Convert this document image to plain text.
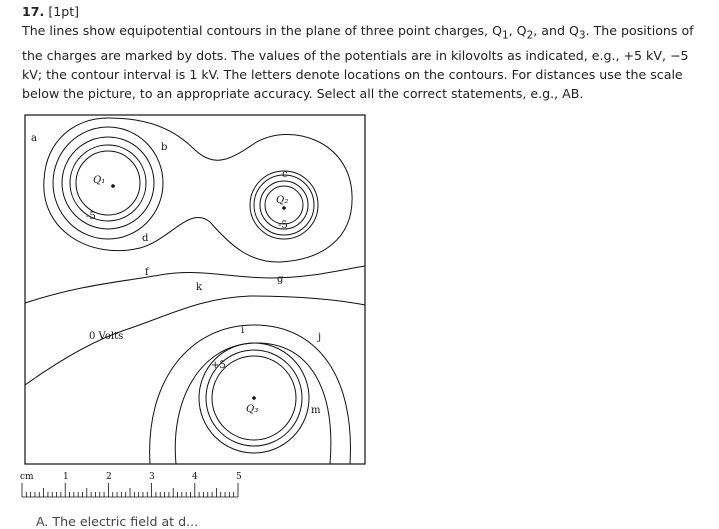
17. [1pt]
The lines show equipotential contours in the plane of three point charges, $Q_1$, $Q_2$, and $Q_3$. The positions of the charges are marked by dots. The values of the potentials are in kilovolts as indicated, e.g., +5 kV, −5 kV; the contour interval is 1 kV. The letters denote locations on the contours. For distances use the scale below the picture, to an appropriate accuracy. Select all the correct statements, e.g., AB.
Q₁
Q₂
Q₃
a
b
c
d
f
g
k
i
j
m
-5
-5
0 Volts
+5
cm	1	2	3	4	5
A. The electric field at d...
